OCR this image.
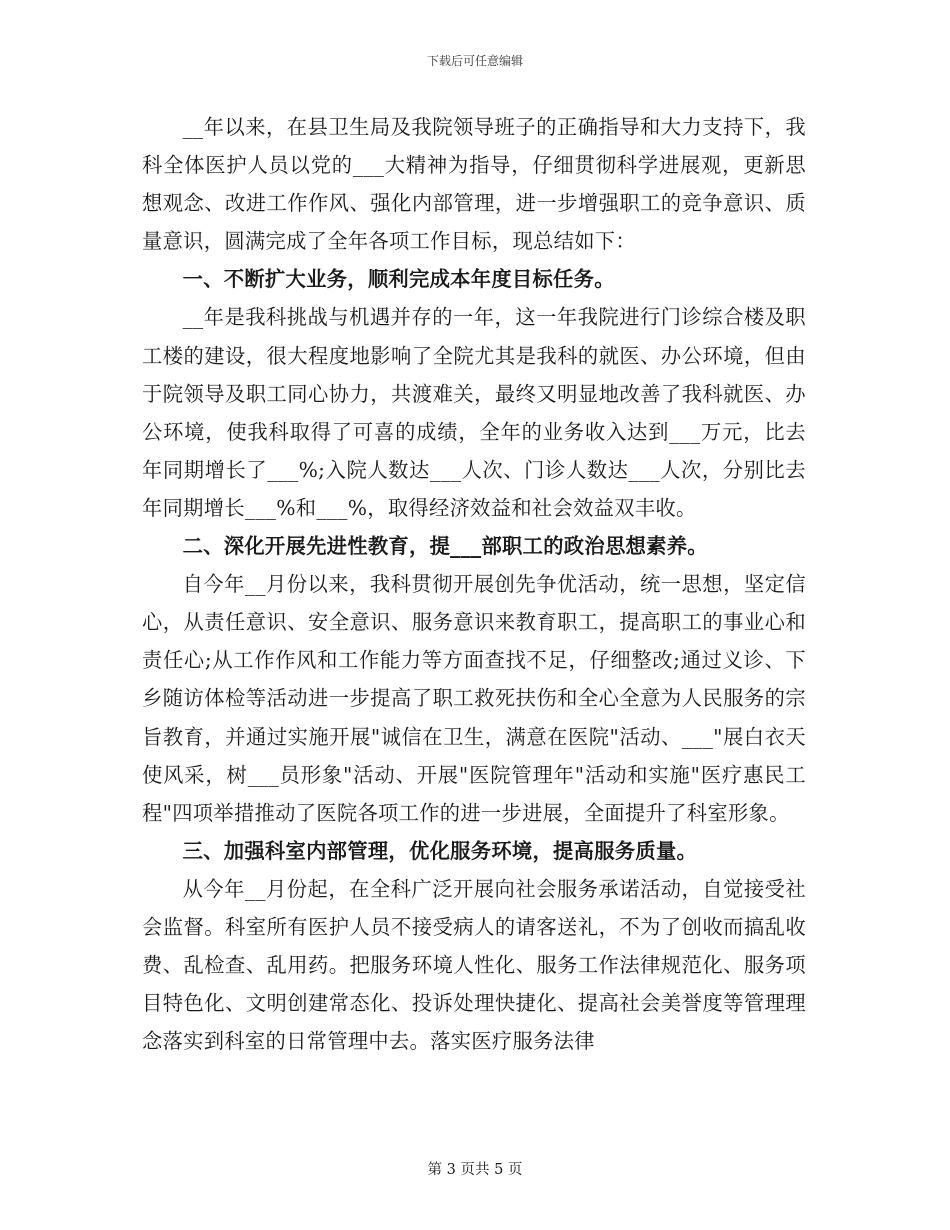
下载后可任意编辑

__年以来，在县卫生局及我院领导班子的正确指导和大力支持下，我科全体医护人员以党的___大精神为指导，仔细贯彻科学进展观，更新思想观念、改进工作作风、强化内部管理，进一步增强职工的竞争意识、质量意识，圆满完成了全年各项工作目标，现总结如下：

一、不断扩大业务，顺利完成本年度目标任务。

__年是我科挑战与机遇并存的一年，这一年我院进行门诊综合楼及职工楼的建设，很大程度地影响了全院尤其是我科的就医、办公环境，但由于院领导及职工同心协力，共渡难关，最终又明显地改善了我科就医、办公环境，使我科取得了可喜的成绩，全年的业务收入达到___万元，比去年同期增长了___%;入院人数达___人次、门诊人数达___人次，分别比去年同期增长___%和___%，取得经济效益和社会效益双丰收。

二、深化开展先进性教育，提___部职工的政治思想素养。

自今年__月份以来，我科贯彻开展创先争优活动，统一思想，坚定信心，从责任意识、安全意识、服务意识来教育职工，提高职工的事业心和责任心;从工作作风和工作能力等方面查找不足，仔细整改;通过义诊、下乡随访体检等活动进一步提高了职工救死扶伤和全心全意为人民服务的宗旨教育，并通过实施开展"诚信在卫生，满意在医院"活动、___"展白衣天使风采，树___员形象"活动、开展"医院管理年"活动和实施"医疗惠民工程"四项举措推动了医院各项工作的进一步进展，全面提升了科室形象。

三、加强科室内部管理，优化服务环境，提高服务质量。

从今年__月份起，在全科广泛开展向社会服务承诺活动，自觉接受社会监督。科室所有医护人员不接受病人的请客送礼，不为了创收而搞乱收费、乱检查、乱用药。把服务环境人性化、服务工作法律规范化、服务项目特色化、文明创建常态化、投诉处理快捷化、提高社会美誉度等管理理念落实到科室的日常管理中去。落实医疗服务法律

第 3 页共 5 页
